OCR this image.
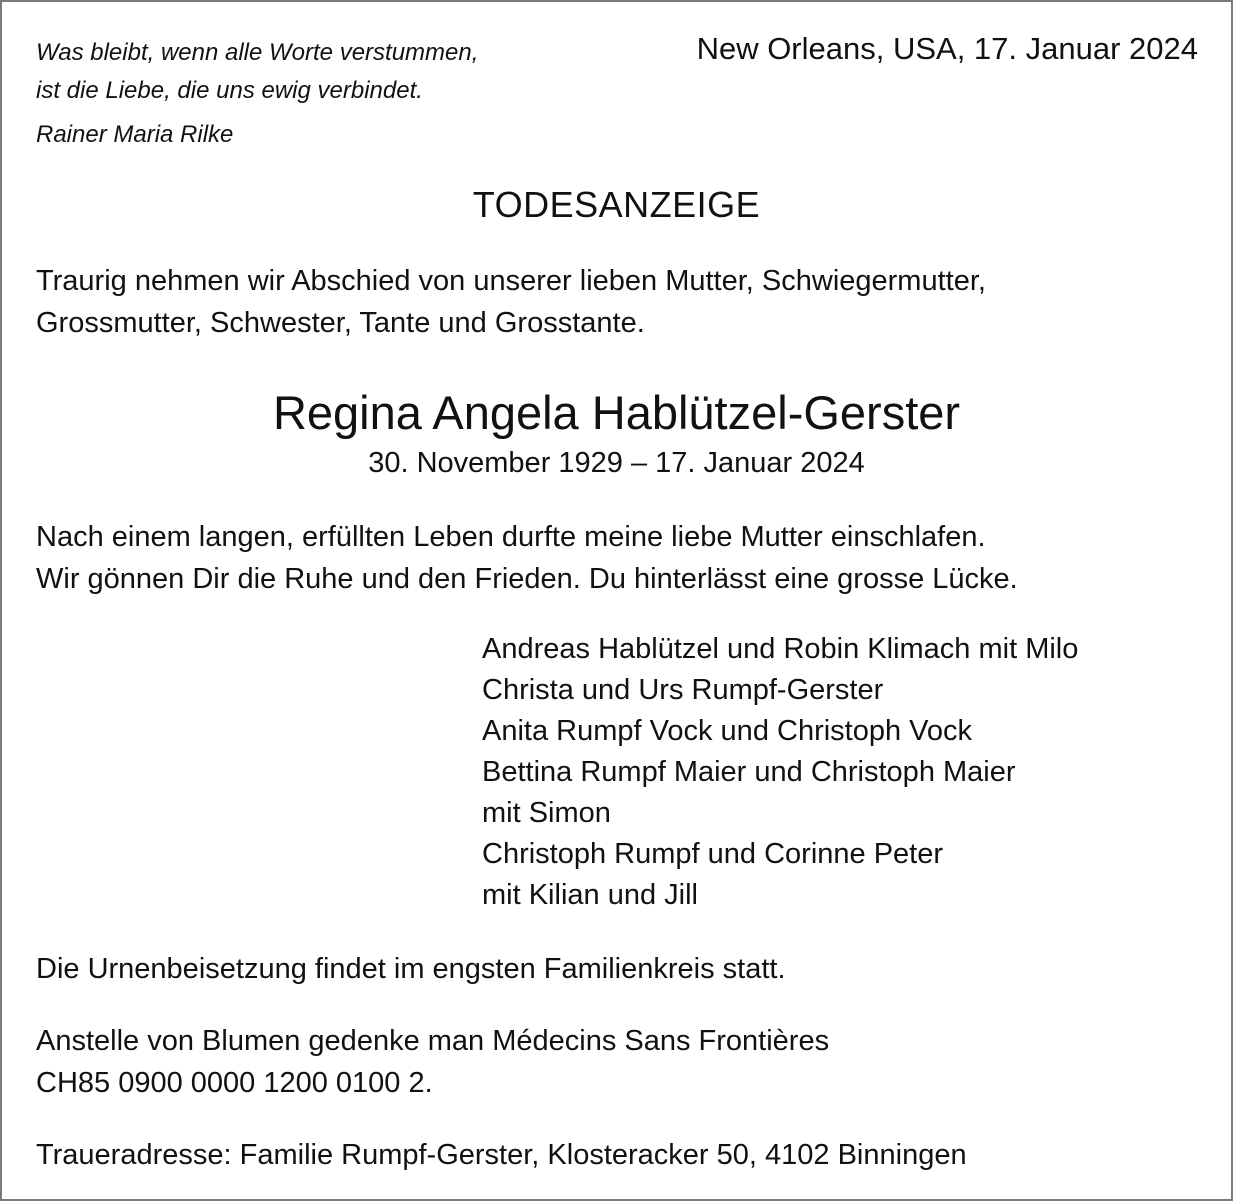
Was bleibt, wenn alle Worte verstummen,
ist die Liebe, die uns ewig verbindet.
Rainer Maria Rilke
New Orleans, USA, 17. Januar 2024
TODESANZEIGE
Traurig nehmen wir Abschied von unserer lieben Mutter, Schwiegermutter,
Grossmutter, Schwester, Tante und Grosstante.
Regina Angela Hablützel-Gerster
30. November 1929 – 17. Januar 2024
Nach einem langen, erfüllten Leben durfte meine liebe Mutter einschlafen.
Wir gönnen Dir die Ruhe und den Frieden. Du hinterlässt eine grosse Lücke.
Andreas Hablützel und Robin Klimach mit Milo
Christa und Urs Rumpf-Gerster
Anita Rumpf Vock und Christoph Vock
Bettina Rumpf Maier und Christoph Maier
mit Simon
Christoph Rumpf und Corinne Peter
mit Kilian und Jill
Die Urnenbeisetzung findet im engsten Familienkreis statt.
Anstelle von Blumen gedenke man Médecins Sans Frontières
CH85 0900 0000 1200 0100 2.
Traueradresse: Familie Rumpf-Gerster, Klosteracker 50, 4102 Binningen
